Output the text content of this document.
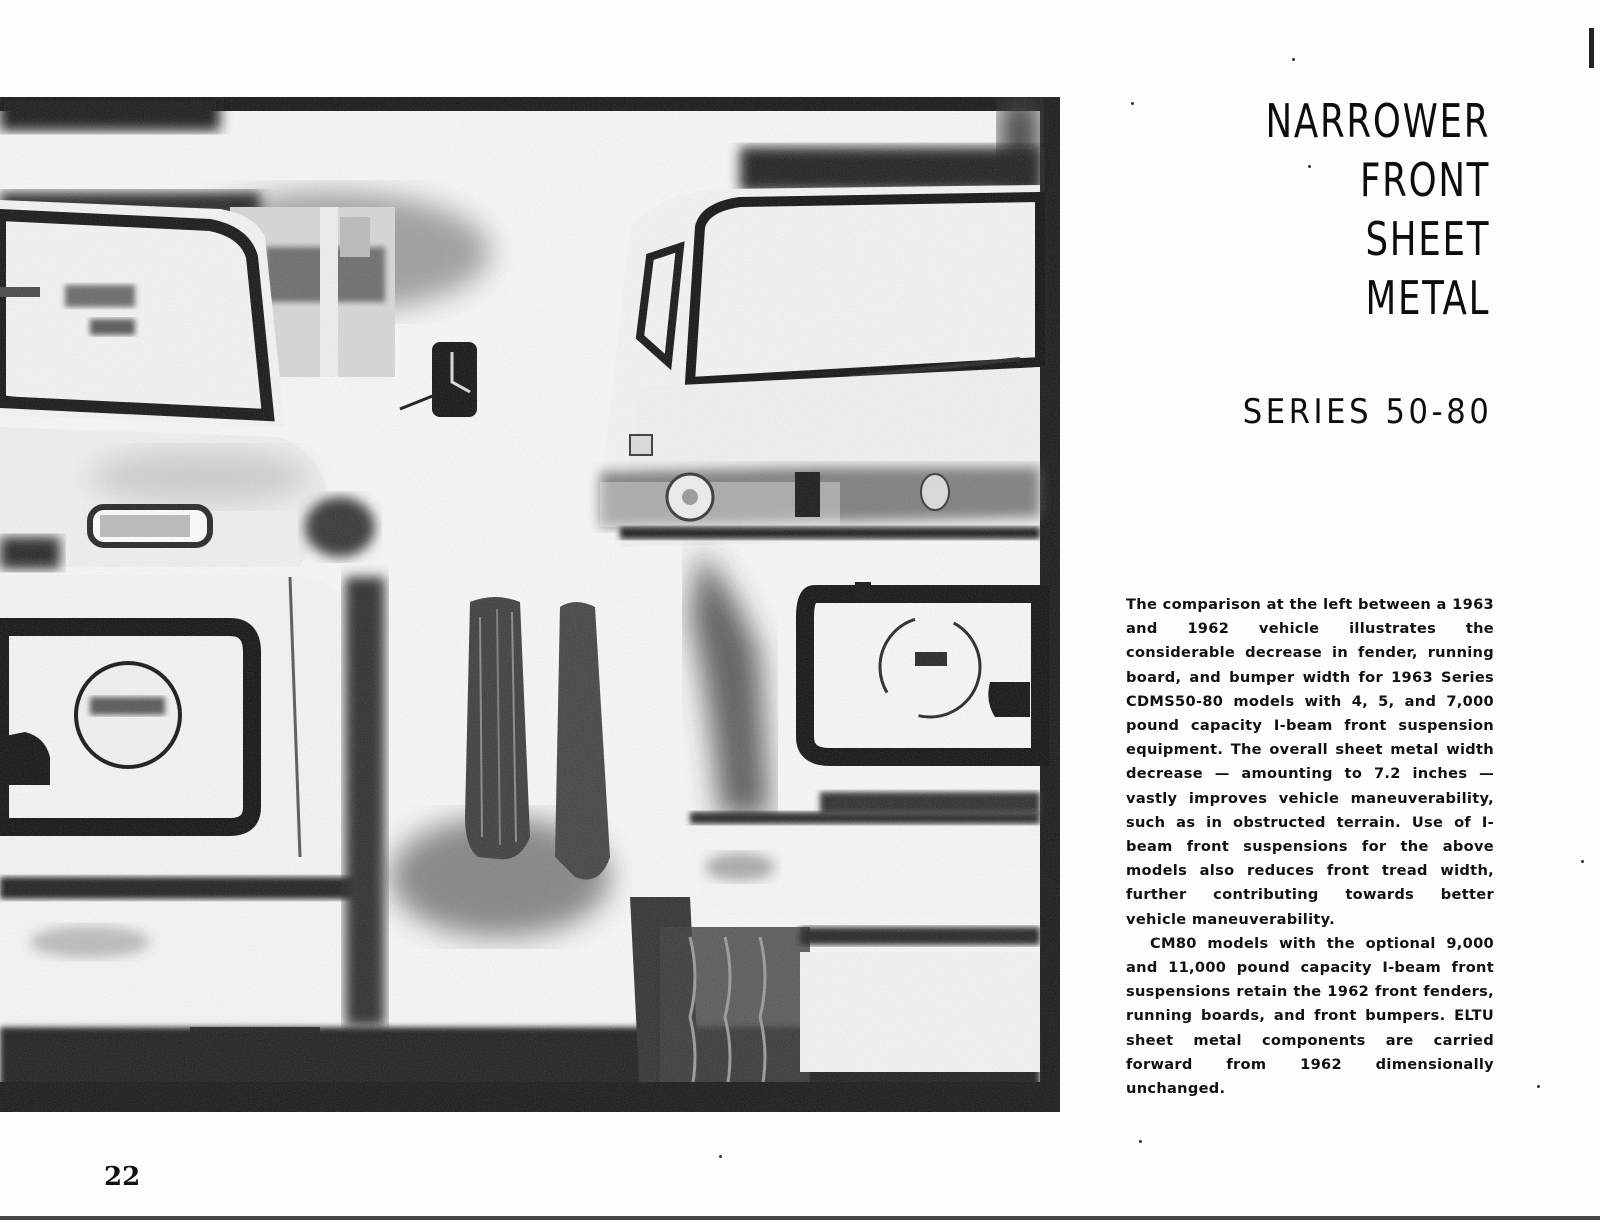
NARROWER
FRONT
SHEET
METAL
SERIES 50-80

The comparison at the left between a 1963 and 1962 vehicle illustrates the considerable decrease in fender, running board, and bumper width for 1963 Series CDMS50-80 models with 4, 5, and 7,000 pound capacity I-beam front suspension equipment. The overall sheet metal width decrease — amounting to 7.2 inches — vastly improves vehicle maneuverability, such as in obstructed terrain. Use of I-beam front suspensions for the above models also reduces front tread width, further contributing towards better vehicle maneuverability.

CM80 models with the optional 9,000 and 11,000 pound capacity I-beam front suspensions retain the 1962 front fenders, running boards, and front bumpers. ELTU sheet metal components are carried forward from 1962 dimensionally unchanged.

22
